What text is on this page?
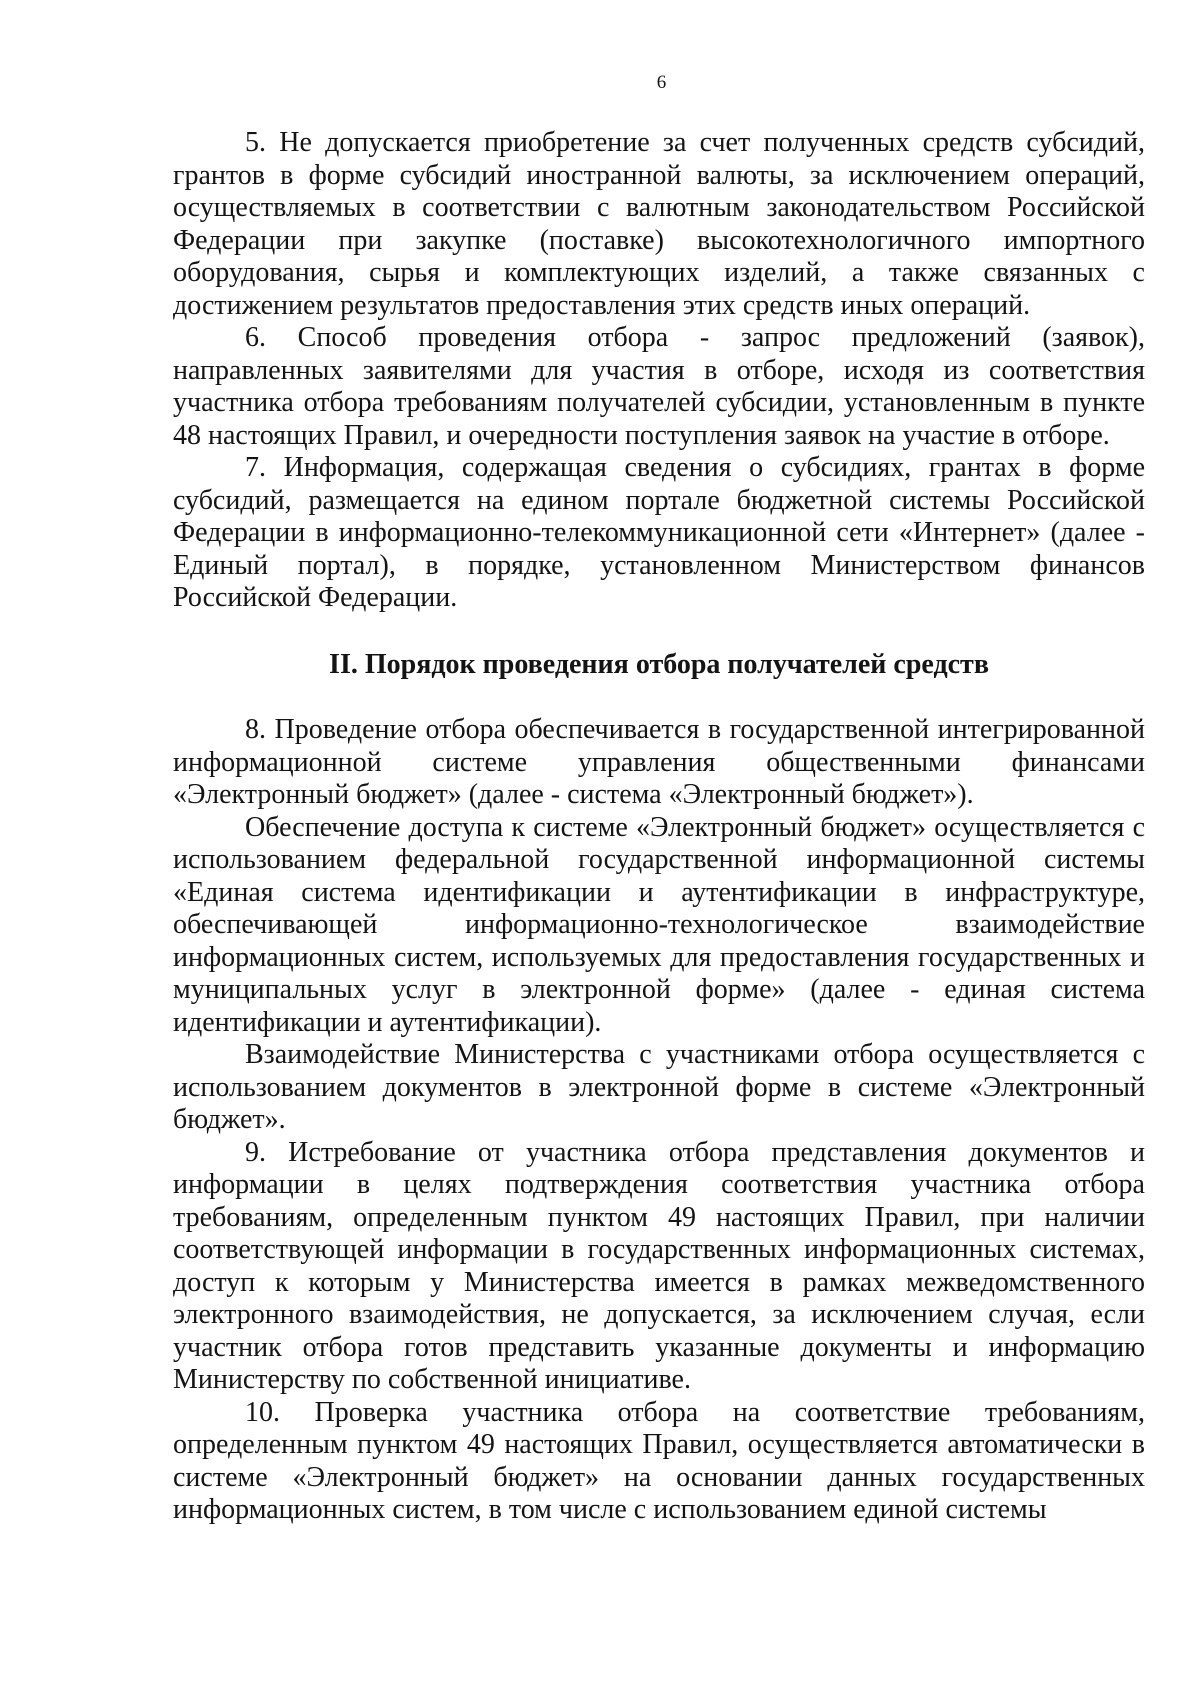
6

5. Не допускается приобретение за счет полученных средств субсидий, грантов в форме субсидий иностранной валюты, за исключением операций, осуществляемых в соответствии с валютным законодательством Российской Федерации при закупке (поставке) высокотехнологичного импортного оборудования, сырья и комплектующих изделий, а также связанных с достижением результатов предоставления этих средств иных операций.

6. Способ проведения отбора - запрос предложений (заявок), направленных заявителями для участия в отборе, исходя из соответствия участника отбора требованиям получателей субсидии, установленным в пункте 48 настоящих Правил, и очередности поступления заявок на участие в отборе.

7. Информация, содержащая сведения о субсидиях, грантах в форме субсидий, размещается на едином портале бюджетной системы Российской Федерации в информационно-телекоммуникационной сети «Интернет» (далее - Единый портал), в порядке, установленном Министерством финансов Российской Федерации.

II. Порядок проведения отбора получателей средств

8. Проведение отбора обеспечивается в государственной интегрированной информационной системе управления общественными финансами «Электронный бюджет» (далее - система «Электронный бюджет»).

Обеспечение доступа к системе «Электронный бюджет» осуществляется с использованием федеральной государственной информационной системы «Единая система идентификации и аутентификации в инфраструктуре, обеспечивающей информационно-технологическое взаимодействие информационных систем, используемых для предоставления государственных и муниципальных услуг в электронной форме» (далее - единая система идентификации и аутентификации).

Взаимодействие Министерства с участниками отбора осуществляется с использованием документов в электронной форме в системе «Электронный бюджет».

9. Истребование от участника отбора представления документов и информации в целях подтверждения соответствия участника отбора требованиям, определенным пунктом 49 настоящих Правил, при наличии соответствующей информации в государственных информационных системах, доступ к которым у Министерства имеется в рамках межведомственного электронного взаимодействия, не допускается, за исключением случая, если участник отбора готов представить указанные документы и информацию Министерству по собственной инициативе.

10. Проверка участника отбора на соответствие требованиям, определенным пунктом 49 настоящих Правил, осуществляется автоматически в системе «Электронный бюджет» на основании данных государственных информационных систем, в том числе с использованием единой системы
